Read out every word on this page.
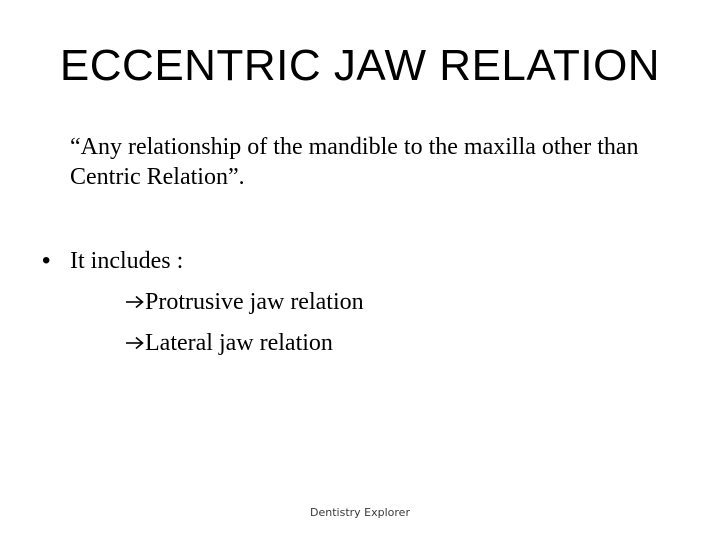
ECCENTRIC JAW RELATION
“Any relationship of the mandible to the maxilla other than Centric Relation”.
• It includes :
Protrusive jaw relation
Lateral jaw relation
Dentistry Explorer
